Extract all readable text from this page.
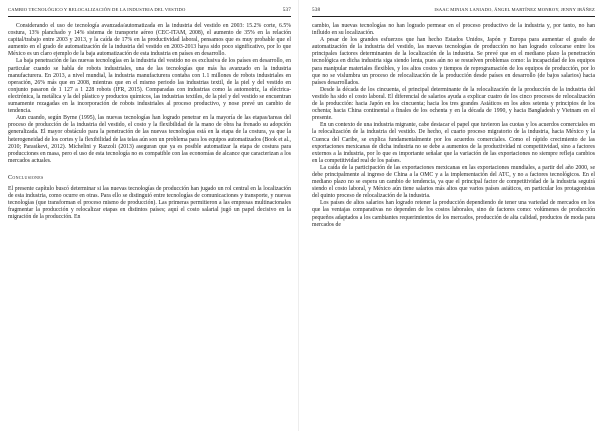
CAMBIO TECNOLÓGICO Y RELOCALIZACIÓN DE LA INDUSTRIA DEL VESTIDO	537

Considerando el uso de tecnología avanzada/automatizada en la industria del vestido en 2003: 15.2% corte, 6.5% costura, 13% planchado y 14% sistema de transporte aéreo (CEC-ITAM, 2008), el aumento de 35% en la relación capital/trabajo entre 2003 y 2013, y la caída de 17% en la productividad laboral, pensamos que es muy probable que el aumento en el grado de automatización de la industria del vestido en 2003-2013 haya sido poco significativo, por lo que México es un claro ejemplo de la baja automatización de esta industria en países en desarrollo.

La baja penetración de las nuevas tecnologías en la industria del vestido no es exclusiva de los países en desarrollo, en particular cuando se habla de robots industriales, una de las tecnologías que más ha avanzado en la industria manufacturera. En 2013, a nivel mundial, la industria manufacturera contaba con 1.1 millones de robots industriales en operación, 26% más que en 2008, mientras que en el mismo periodo las industrias textil, de la piel y del vestido en conjunto pasaron de 1 127 a 1 228 robots (IFR, 2015). Comparadas con industrias como la automotriz, la eléctrica-electrónica, la metálica y la del plástico y productos químicos, las industrias textiles, de la piel y del vestido se encuentran sumamente rezagadas en la incorporación de robots industriales al proceso productivo, y nose prevé un cambio de tendencia.

Aun cuando, según Byrne (1995), las nuevas tecnologías han logrado penetrar en la mayoría de las etapas/tareas del proceso de producción de la industria del vestido, el costo y la flexibilidad de la mano de obra ha frenado su adopción generalizada. El mayor obstáculo para la penetración de las nuevas tecnologías está en la etapa de la costura, ya que la heterogeneidad de los cortes y la flexibilidad de las telas aún son un problema para los equipos automatizados (Book et al., 2010; Parasikevi, 2012). Michelini y Razzoli (2013) aseguran que ya es posible automatizar la etapa de costura para producciones en masa, pero el uso de esta tecnología no es compatible con las economías de alcance que caracterizan a los mercados actuales.

Conclusiones

El presente capítulo buscó determinar si las nuevas tecnologías de producción han jugado un rol central en la localización de esta industria, como ocurre en otras. Para ello se distinguió entre tecnologías de comunicaciones y transporte, y nuevas tecnologías (que transforman el proceso mismo de producción). Las primeras permitieron a las empresas multinacionales fragmentar la producción y relocalizar etapas en distintos países; aquí el costo salarial jugó un papel decisivo en la migración de la producción. En

538	ISAAC MINIAN LANIADO, ÁNGEL MARTÍNEZ MONROY, JENNY IBÁÑEZ

cambio, las nuevas tecnologías no han logrado permear en el proceso productivo de la industria y, por tanto, no han influido en su localización.

A pesar de los grandes esfuerzos que han hecho Estados Unidos, Japón y Europa para aumentar el grado de automatización de la industria del vestido, las nuevas tecnologías de producción no han logrado colocarse entre los principales factores determinantes de la localización de la industria. Se prevé que en el mediano plazo la penetración tecnológica en dicha industria siga siendo lenta, pues aún no se resuelven problemas como: la incapacidad de los equipos para manipular materiales flexibles, y los altos costos y tiempos de reprogramación de los equipos de producción, por lo que no se vislumbra un proceso de relocalización de la producción desde países en desarrollo (de bajos salarios) hacia países desarrollados.

Desde la década de los cincuenta, el principal determinante de la relocalización de la producción de la industria del vestido ha sido el costo laboral. El diferencial de salarios ayuda a explicar cuatro de los cinco procesos de relocalización de la producción: hacia Japón en los cincuenta; hacia los tres grandes Asiáticos en los años setenta y principios de los ochenta; hacia China continental a finales de los ochenta y en la década de 1990, y hacia Bangladesh y Vietnam en el presente.

En un contexto de una industria migrante, cabe destacar el papel que tuvieron las cuotas y los acuerdos comerciales en la relocalización de la industria del vestido. De hecho, el cuarto proceso migratorio de la industria, hacia México y la Cuenca del Caribe, se explica fundamentalmente por los acuerdos comerciales. Como el rápido crecimiento de las exportaciones mexicanas de dicha industria no se debe a aumentos de la productividad ni competitividad, sino a factores externos a la industria, por lo que es importante señalar que la variación de las exportaciones no siempre refleja cambios en la competitividad real de los países.

La caída de la participación de las exportaciones mexicanas en las exportaciones mundiales, a partir del año 2000, se debe principalmente al ingreso de China a la OMC y a la implementación del ATC, y no a factores tecnológicos. En el mediano plazo no se espera un cambio de tendencia, ya que el principal factor de competitividad de la industria seguirá siendo el costo laboral, y México aún tiene salarios más altos que varios países asiáticos, en particular los protagonistas del quinto proceso de relocalización de la industria.

Los países de altos salarios han logrado retener la producción dependiendo de tener una variedad de mercados en los que las ventajas comparativas no dependen de los costos laborales, sino de factores como: volúmenes de producción pequeños adaptados a los cambiantes requerimientos de los mercados, producción de alta calidad, productos de moda para mercados de
